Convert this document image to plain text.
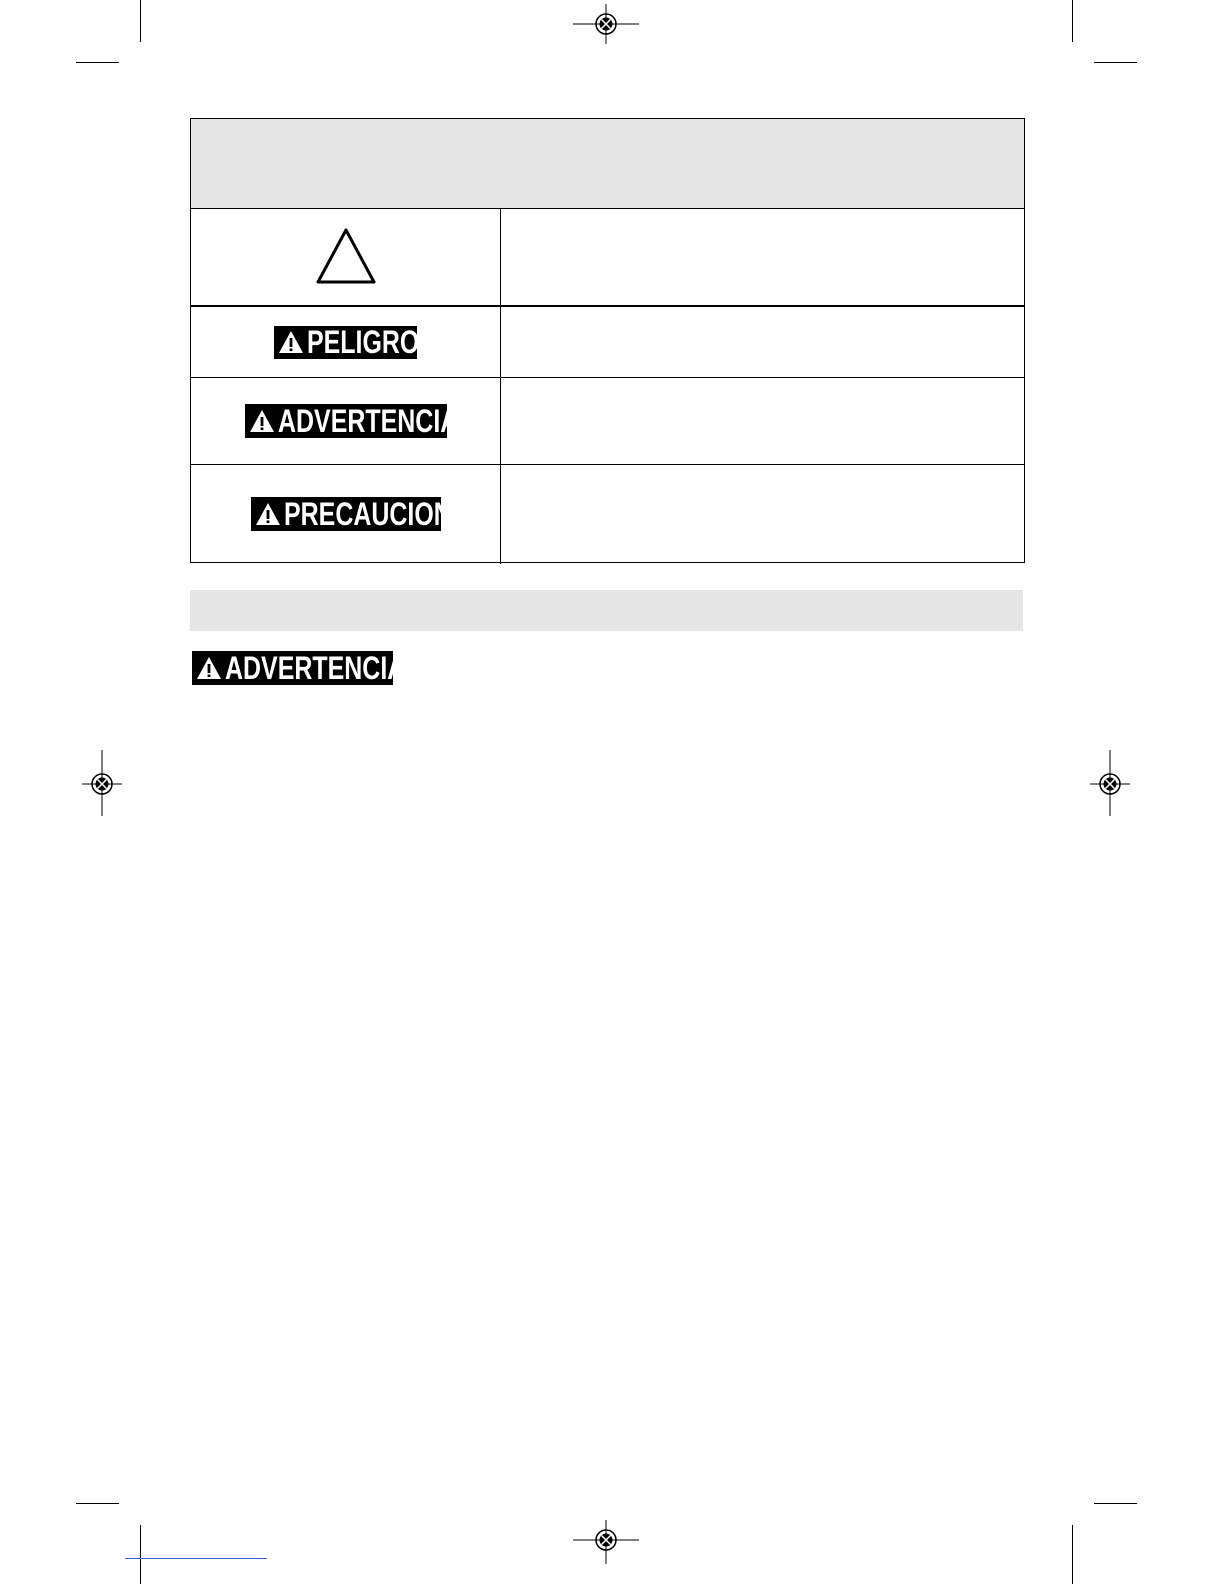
PELIGRO
ADVERTENCIA
PRECAUCION
ADVERTENCIA
